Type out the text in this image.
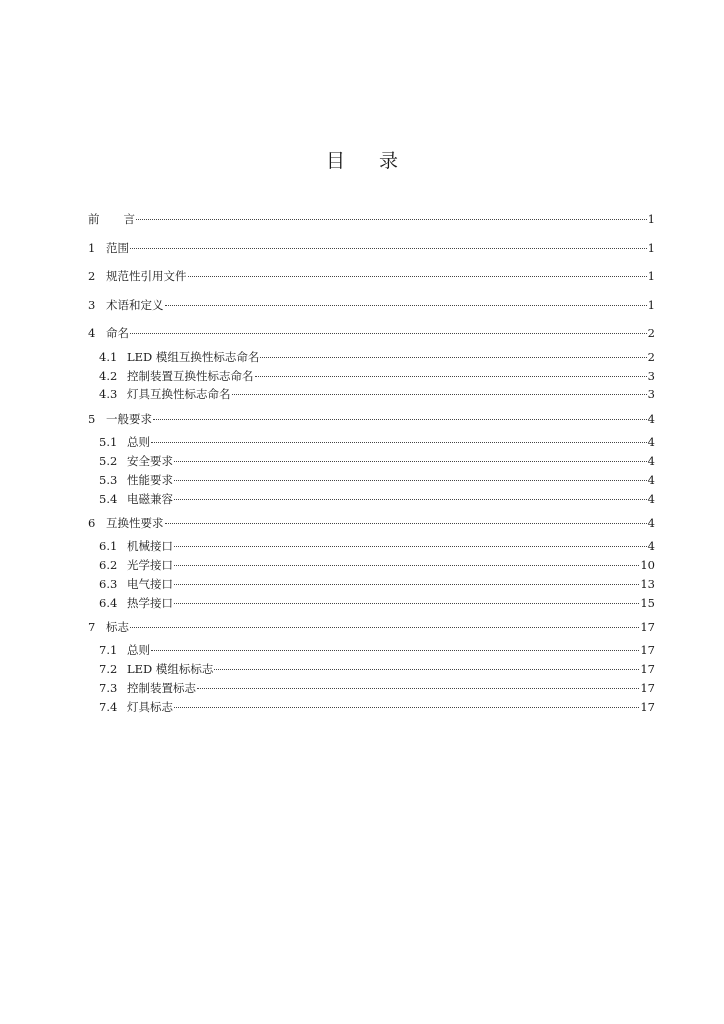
目 录
前 言	1
1 范围	1
2 规范性引用文件	1
3 术语和定义	1
4 命名	2
4.1 LED 模组互换性标志命名	2
4.2 控制装置互换性标志命名	3
4.3 灯具互换性标志命名	3
5 一般要求	4
5.1 总则	4
5.2 安全要求	4
5.3 性能要求	4
5.4 电磁兼容	4
6 互换性要求	4
6.1 机械接口	4
6.2 光学接口	10
6.3 电气接口	13
6.4 热学接口	15
7 标志	17
7.1 总则	17
7.2 LED 模组标标志	17
7.3 控制装置标志	17
7.4 灯具标志	17
